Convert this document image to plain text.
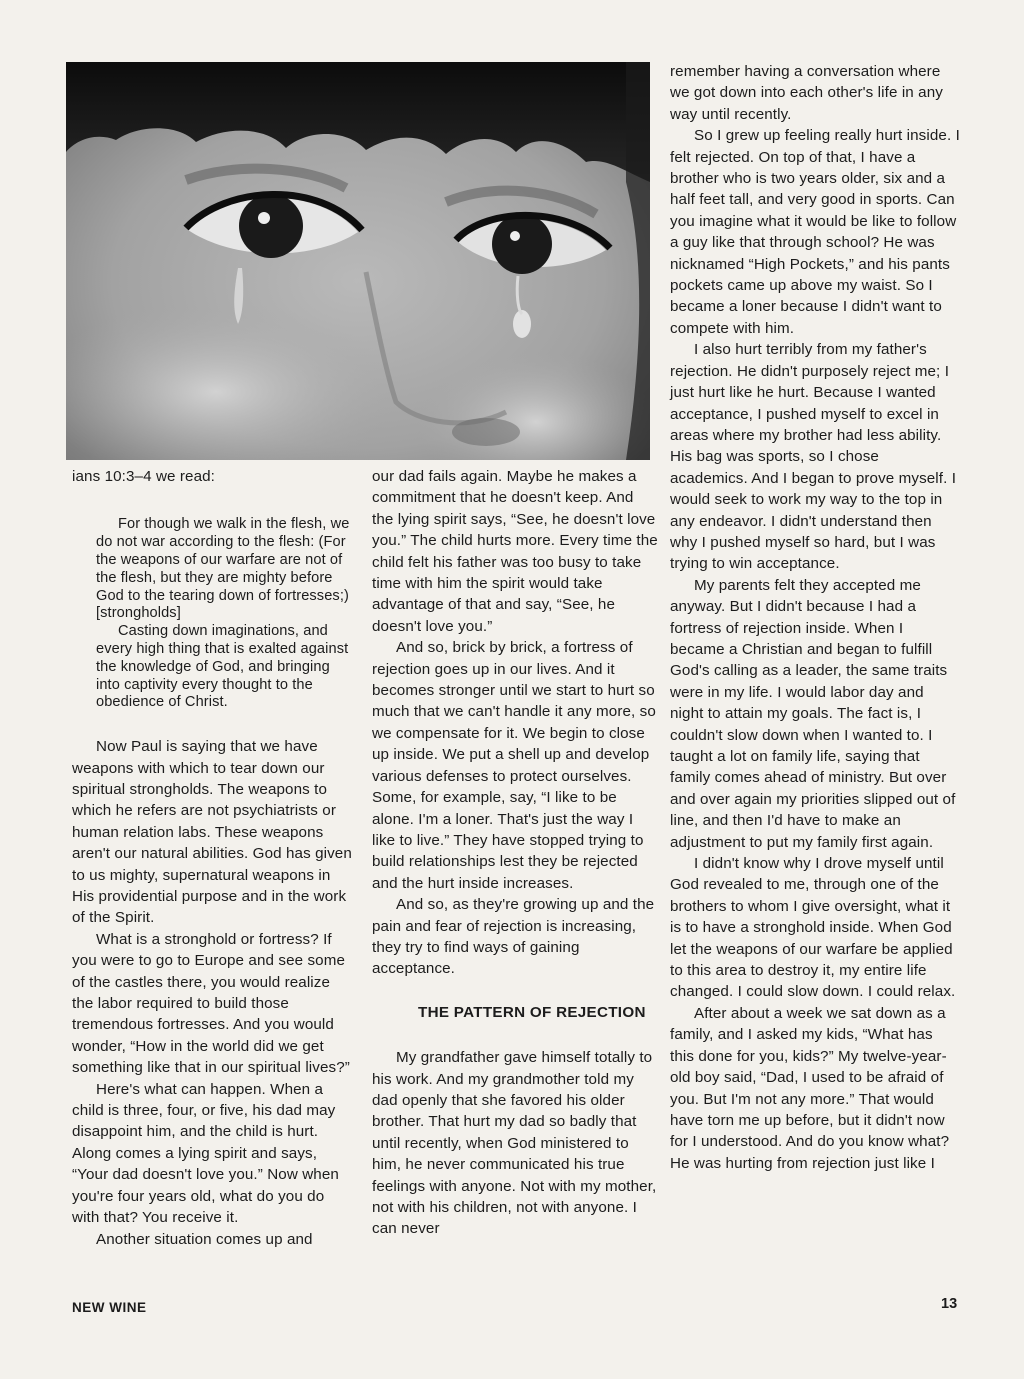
ians 10:3–4 we read:

For though we walk in the flesh, we do not war according to the flesh: (For the weapons of our warfare are not of the flesh, but they are mighty before God to the tearing down of fortresses;) [strongholds]

Casting down imaginations, and every high thing that is exalted against the knowledge of God, and bringing into captivity every thought to the obedience of Christ.

Now Paul is saying that we have weapons with which to tear down our spiritual strongholds. The weapons to which he refers are not psychiatrists or human relation labs. These weapons aren't our natural abilities. God has given to us mighty, supernatural weapons in His providential purpose and in the work of the Spirit.

What is a stronghold or fortress? If you were to go to Europe and see some of the castles there, you would realize the labor required to build those tremendous fortresses. And you would wonder, “How in the world did we get something like that in our spiritual lives?”

Here's what can happen. When a child is three, four, or five, his dad may disappoint him, and the child is hurt. Along comes a lying spirit and says, “Your dad doesn't love you.” Now when you're four years old, what do you do with that? You receive it.

Another situation comes up and

our dad fails again. Maybe he makes a commitment that he doesn't keep. And the lying spirit says, “See, he doesn't love you.” The child hurts more. Every time the child felt his father was too busy to take time with him the spirit would take advantage of that and say, “See, he doesn't love you.”

And so, brick by brick, a fortress of rejection goes up in our lives. And it becomes stronger until we start to hurt so much that we can't handle it any more, so we compensate for it. We begin to close up inside. We put a shell up and develop various defenses to protect ourselves. Some, for example, say, “I like to be alone. I'm a loner. That's just the way I like to live.” They have stopped trying to build relationships lest they be rejected and the hurt inside increases.

And so, as they're growing up and the pain and fear of rejection is increasing, they try to find ways of gaining acceptance.

THE PATTERN OF REJECTION

My grandfather gave himself totally to his work. And my grandmother told my dad openly that she favored his older brother. That hurt my dad so badly that until recently, when God ministered to him, he never communicated his true feelings with anyone. Not with my mother, not with his children, not with anyone. I can never

remember having a conversation where we got down into each other's life in any way until recently.

So I grew up feeling really hurt inside. I felt rejected. On top of that, I have a brother who is two years older, six and a half feet tall, and very good in sports. Can you imagine what it would be like to follow a guy like that through school? He was nicknamed “High Pockets,” and his pants pockets came up above my waist. So I became a loner because I didn't want to compete with him.

I also hurt terribly from my father's rejection. He didn't purposely reject me; I just hurt like he hurt. Because I wanted acceptance, I pushed myself to excel in areas where my brother had less ability. His bag was sports, so I chose academics. And I began to prove myself. I would seek to work my way to the top in any endeavor. I didn't understand then why I pushed myself so hard, but I was trying to win acceptance.

My parents felt they accepted me anyway. But I didn't because I had a fortress of rejection inside. When I became a Christian and began to fulfill God's calling as a leader, the same traits were in my life. I would labor day and night to attain my goals. The fact is, I couldn't slow down when I wanted to. I taught a lot on family life, saying that family comes ahead of ministry. But over and over again my priorities slipped out of line, and then I'd have to make an adjustment to put my family first again.

I didn't know why I drove myself until God revealed to me, through one of the brothers to whom I give oversight, what it is to have a stronghold inside. When God let the weapons of our warfare be applied to this area to destroy it, my entire life changed. I could slow down. I could relax.

After about a week we sat down as a family, and I asked my kids, “What has this done for you, kids?” My twelve-year-old boy said, “Dad, I used to be afraid of you. But I'm not any more.” That would have torn me up before, but it didn't now for I understood. And do you know what? He was hurting from rejection just like I

NEW WINE	13
